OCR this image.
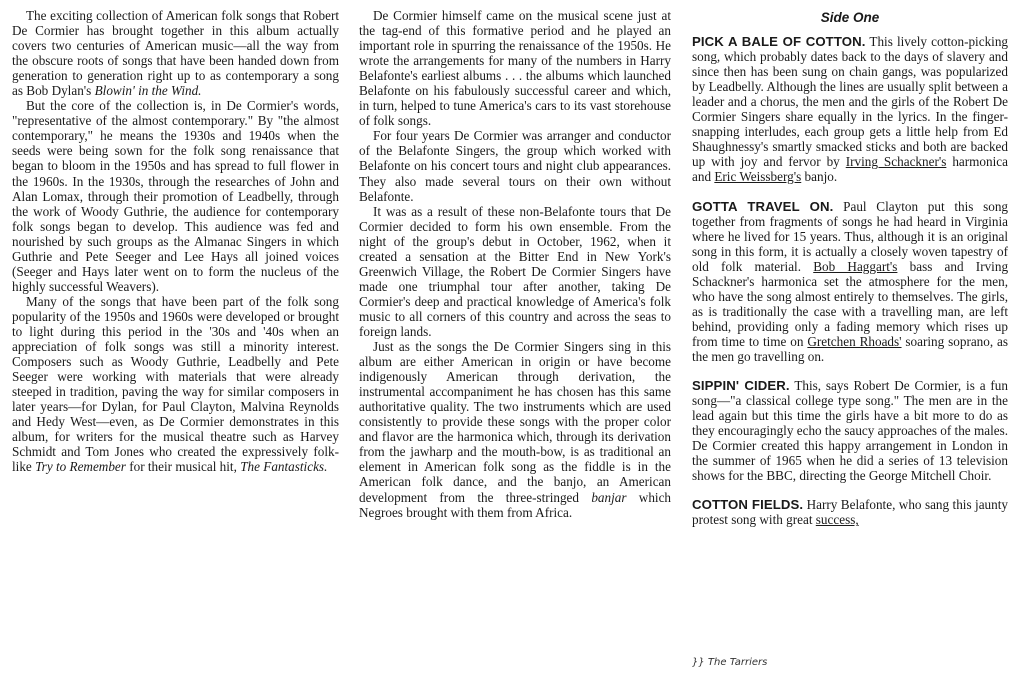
The exciting collection of American folk songs that Robert De Cormier has brought together in this album actually covers two centuries of American music—all the way from the obscure roots of songs that have been handed down from generation to generation right up to as contemporary a song as Bob Dylan's Blowin' in the Wind.

But the core of the collection is, in De Cormier's words, "representative of the almost contemporary." By "the almost contemporary," he means the 1930s and 1940s when the seeds were being sown for the folk song renaissance that began to bloom in the 1950s and has spread to full flower in the 1960s. In the 1930s, through the researches of John and Alan Lomax, through their promotion of Leadbelly, through the work of Woody Guthrie, the audience for contemporary folk songs began to develop. This audience was fed and nourished by such groups as the Almanac Singers in which Guthrie and Pete Seeger and Lee Hays all joined voices (Seeger and Hays later went on to form the nucleus of the highly successful Weavers).

Many of the songs that have been part of the folk song popularity of the 1950s and 1960s were developed or brought to light during this period in the '30s and '40s when an appreciation of folk songs was still a minority interest. Composers such as Woody Guthrie, Leadbelly and Pete Seeger were working with materials that were already steeped in tradition, paving the way for similar composers in later years—for Dylan, for Paul Clayton, Malvina Reynolds and Hedy West—even, as De Cormier demonstrates in this album, for writers for the musical theatre such as Harvey Schmidt and Tom Jones who created the expressively folk-like Try to Remember for their musical hit, The Fantasticks.

De Cormier himself came on the musical scene just at the tag-end of this formative period and he played an important role in spurring the renaissance of the 1950s. He wrote the arrangements for many of the numbers in Harry Belafonte's earliest albums . . . the albums which launched Belafonte on his fabulously successful career and which, in turn, helped to tune America's cars to its vast storehouse of folk songs.

For four years De Cormier was arranger and conductor of the Belafonte Singers, the group which worked with Belafonte on his concert tours and night club appearances. They also made several tours on their own without Belafonte.

It was as a result of these non-Belafonte tours that De Cormier decided to form his own ensemble. From the night of the group's debut in October, 1962, when it created a sensation at the Bitter End in New York's Greenwich Village, the Robert De Cormier Singers have made one triumphal tour after another, taking De Cormier's deep and practical knowledge of America's folk music to all corners of this country and across the seas to foreign lands.

Just as the songs the De Cormier Singers sing in this album are either American in origin or have become indigenously American through derivation, the instrumental accompaniment he has chosen has this same authoritative quality. The two instruments which are used consistently to provide these songs with the proper color and flavor are the harmonica which, through its derivation from the jawharp and the mouth-bow, is as traditional an element in American folk song as the fiddle is in the American folk dance, and the banjo, an American development from the three-stringed banjar which Negroes brought with them from Africa.

Side One

PICK A BALE OF COTTON. This lively cotton-picking song, which probably dates back to the days of slavery and since then has been sung on chain gangs, was popularized by Leadbelly. Although the lines are usually split between a leader and a chorus, the men and the girls of the Robert De Cormier Singers share equally in the lyrics. In the finger-snapping interludes, each group gets a little help from Ed Shaughnessy's smartly smacked sticks and both are backed up with joy and fervor by Irving Schackner's harmonica and Eric Weissberg's banjo.

GOTTA TRAVEL ON. Paul Clayton put this song together from fragments of songs he had heard in Virginia where he lived for 15 years. Thus, although it is an original song in this form, it is actually a closely woven tapestry of old folk material. Bob Haggart's bass and Irving Schackner's harmonica set the atmosphere for the men, who have the song almost entirely to themselves. The girls, as is traditionally the case with a travelling man, are left behind, providing only a fading memory which rises up from time to time on Gretchen Rhoads' soaring soprano, as the men go travelling on.

SIPPIN' CIDER. This, says Robert De Cormier, is a fun song—"a classical college type song." The men are in the lead again but this time the girls have a bit more to do as they encouragingly echo the saucy approaches of the males. De Cormier created this happy arrangement in London in the summer of 1965 when he did a series of 13 television shows for the BBC, directing the George Mitchell Choir.

COTTON FIELDS. Harry Belafonte, who sang this jaunty protest song with great success,

}} The Tarriers
